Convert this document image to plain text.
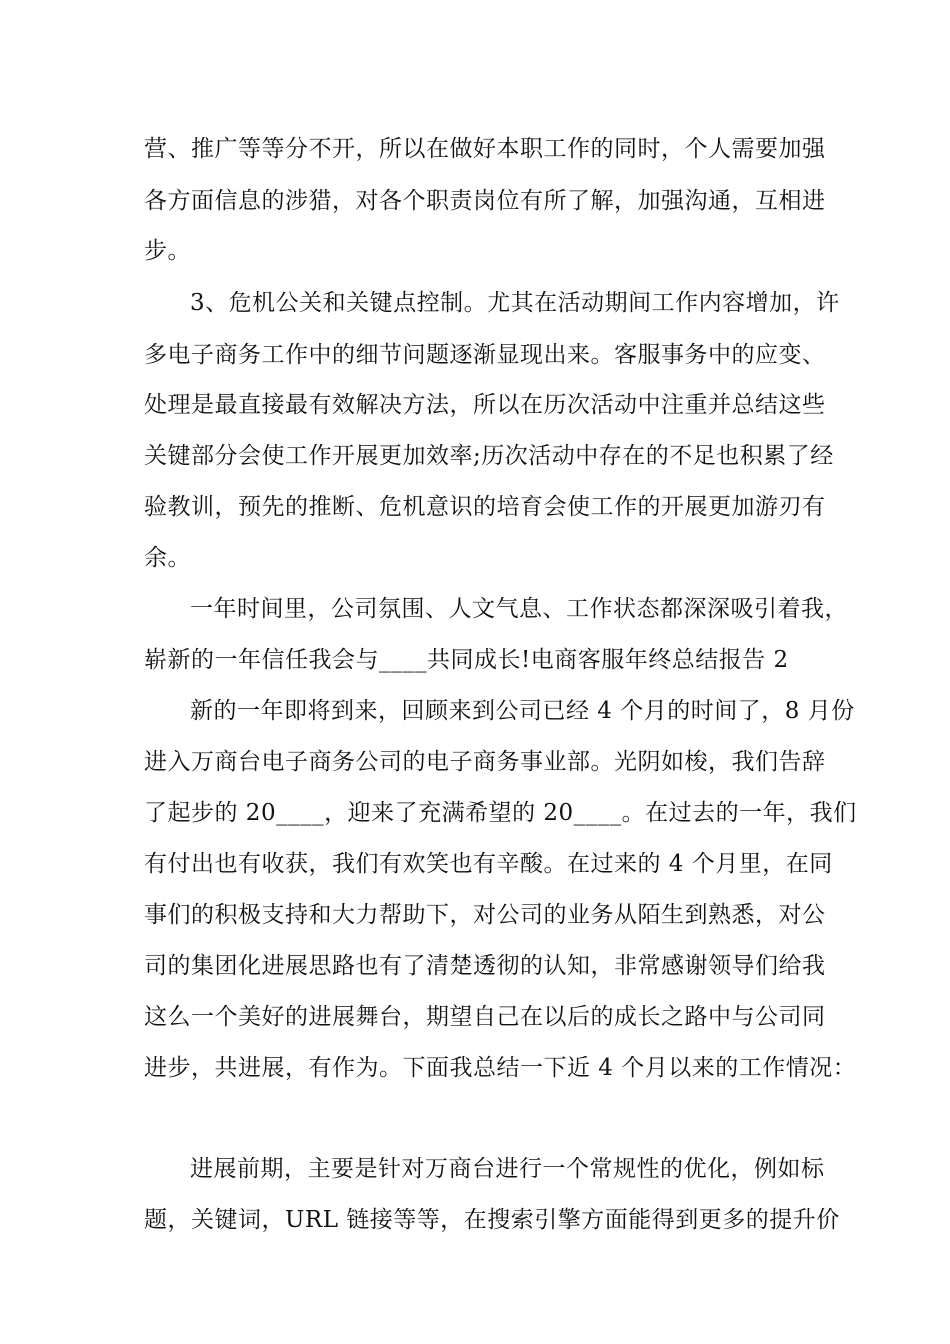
营、推广等等分不开，所以在做好本职工作的同时，个人需要加强
各方面信息的涉猎，对各个职责岗位有所了解，加强沟通，互相进
步。
3、危机公关和关键点控制。尤其在活动期间工作内容增加，许
多电子商务工作中的细节问题逐渐显现出来。客服事务中的应变、
处理是最直接最有效解决方法，所以在历次活动中注重并总结这些
关键部分会使工作开展更加效率;历次活动中存在的不足也积累了经
验教训，预先的推断、危机意识的培育会使工作的开展更加游刃有
余。
一年时间里，公司氛围、人文气息、工作状态都深深吸引着我，
崭新的一年信任我会与____共同成长!电商客服年终总结报告 2
新的一年即将到来，回顾来到公司已经 4 个月的时间了，8 月份
进入万商台电子商务公司的电子商务事业部。光阴如梭，我们告辞
了起步的 20____，迎来了充满希望的 20____。在过去的一年，我们
有付出也有收获，我们有欢笑也有辛酸。在过来的 4 个月里，在同
事们的积极支持和大力帮助下，对公司的业务从陌生到熟悉，对公
司的集团化进展思路也有了清楚透彻的认知，非常感谢领导们给我
这么一个美好的进展舞台，期望自己在以后的成长之路中与公司同
进步，共进展，有作为。下面我总结一下近 4 个月以来的工作情况：
进展前期，主要是针对万商台进行一个常规性的优化，例如标
题，关键词，URL 链接等等，在搜索引擎方面能得到更多的提升价
